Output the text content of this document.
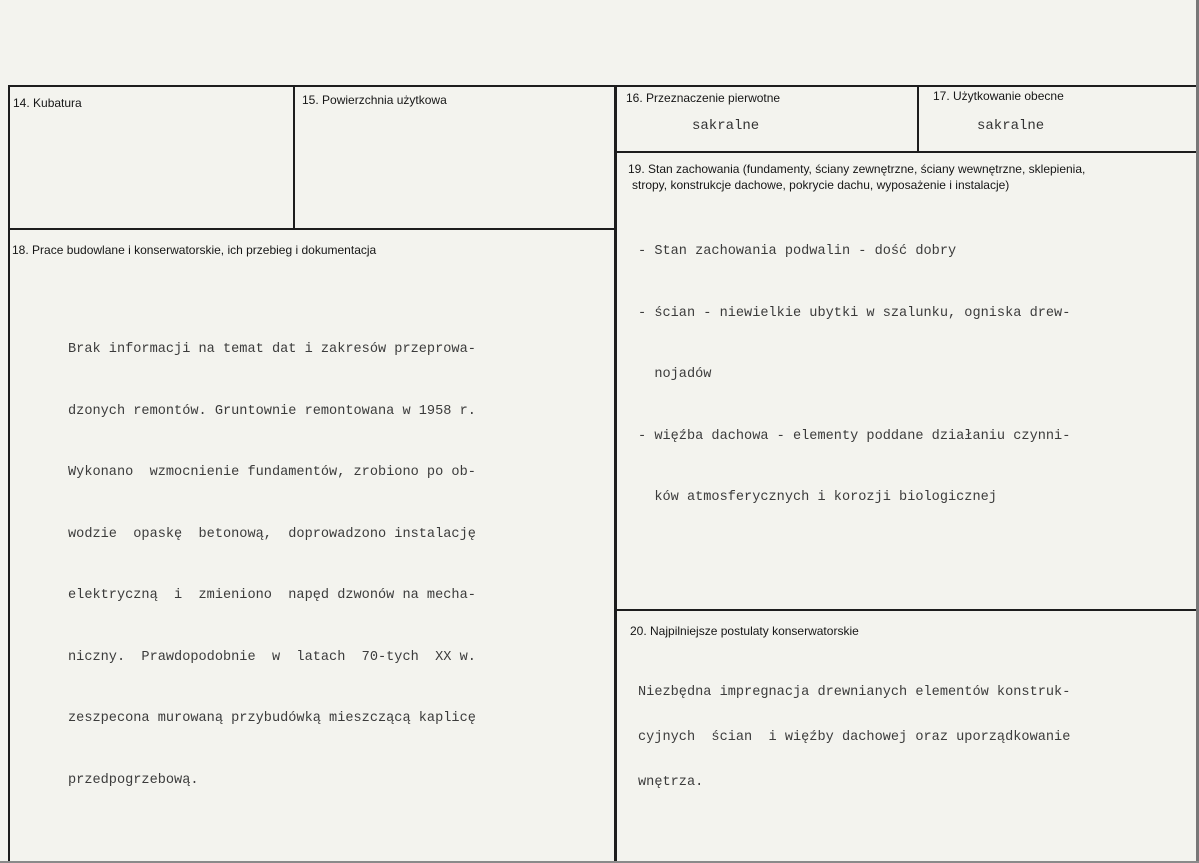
14. Kubatura	15. Powierzchnia użytkowa	16. Przeznaczenie pierwotne
sakralne
17. Użytkowanie obecne
sakralne
18. Prace budowlane i konserwatorskie, ich przebieg i dokumentacja

Brak informacji na temat dat i zakresów przeprowa-

dzonych remontów. Gruntownie remontowana w 1958 r.

Wykonano  wzmocnienie fundamentów, zrobiono po ob-

wodzie  opaskę  betonową,  doprowadzono instalację

elektryczną  i  zmieniono  napęd dzwonów na mecha-

niczny.  Prawdopodobnie  w  latach  70-tych  XX w.

zeszpecona murowaną przybudówką mieszczącą kaplicę

przedpogrzebową.

19. Stan zachowania (fundamenty, ściany zewnętrzne, ściany wewnętrzne, sklepienia,
stropy, konstrukcje dachowe, pokrycie dachu, wyposażenie i instalacje)

- Stan zachowania podwalin - dość dobry

- ścian - niewielkie ubytki w szalunku, ogniska drew-

nojadów

- więźba dachowa - elementy poddane działaniu czynni-

ków atmosferycznych i korozji biologicznej

20. Najpilniejsze postulaty konserwatorskie

Niezbędna impregnacja drewnianych elementów konstruk-

cyjnych  ścian  i więźby dachowej oraz uporządkowanie

wnętrza.
